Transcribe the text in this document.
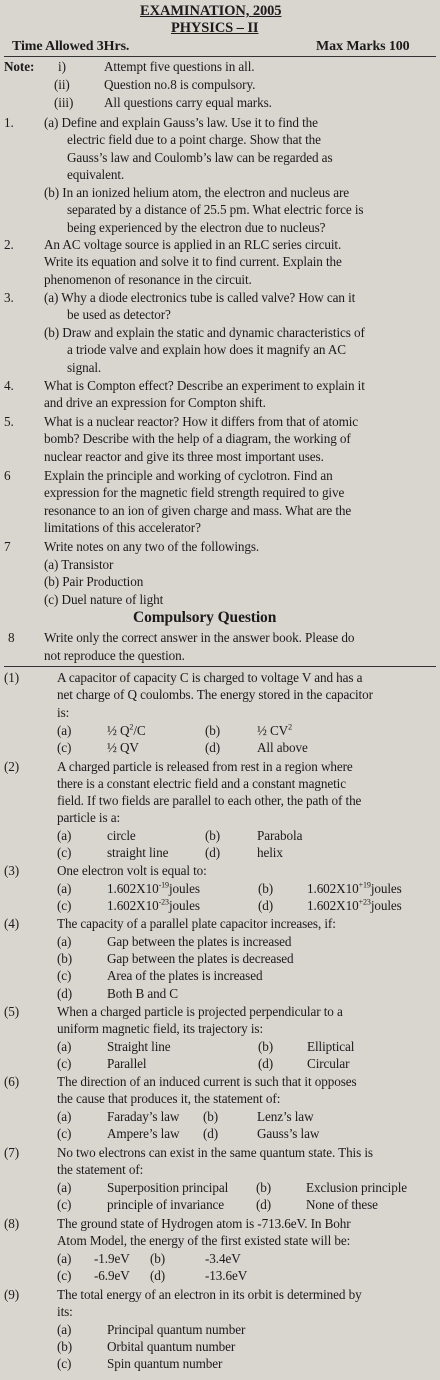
EXAMINATION, 2005
PHYSICS – II
Time Allowed 3Hrs.	Max Marks 100
Note: i)	Attempt five questions in all.
(ii)	Question no.8 is compulsory.
(iii) All questions carry equal marks.
1. (a) Define and explain Gauss’s law. Use it to find the
electric field due to a point charge. Show that the
Gauss’s law and Coulomb’s law can be regarded as
equivalent.
(b) In an ionized helium atom, the electron and nucleus are
separated by a distance of 25.5 pm. What electric force is
being experienced by the electron due to nucleus?
2. An AC voltage source is applied in an RLC series circuit.
Write its equation and solve it to find current. Explain the
phenomenon of resonance in the circuit.
3. (a) Why a diode electronics tube is called valve? How can it
be used as detector?
(b) Draw and explain the static and dynamic characteristics of
a triode valve and explain how does it magnify an AC
signal.
4. What is Compton effect? Describe an experiment to explain it
and drive an expression for Compton shift.
5. What is a nuclear reactor? How it differs from that of atomic
bomb? Describe with the help of a diagram, the working of
nuclear reactor and give its three most important uses.
6	Explain the principle and working of cyclotron. Find an
expression for the magnetic field strength required to give
resonance to an ion of given charge and mass. What are the
limitations of this accelerator?
7	Write notes on any two of the followings.
(a) Transistor
(b) Pair Production
(c) Duel nature of light
Compulsory Question
8 Write only the correct answer in the answer book. Please do
not reproduce the question.
(1)	A capacitor of capacity C is charged to voltage V and has a
net charge of Q coulombs. The energy stored in the capacitor
is:
(a)	½ $Q^2/C$	(b)	½ $CV^2$
(c)	½ QV	(d)	All above
(2)	A charged particle is released from rest in a region where
there is a constant electric field and a constant magnetic
field. If two fields are parallel to each other, the path of the
particle is a:
(a)	circle	(b)	Parabola
(c)	straight line	(d)	helix
(3)	One electron volt is equal to:
(a)	$1.602X10^{-19}joules$	(b)	$1.602X10^{+19}joules$
(c)	$1.602X10^{-23}joules$	(d)	$1.602X10^{+23}joules$
(4)	The capacity of a parallel plate capacitor increases, if:
(a)	Gap between the plates is increased
(b)	Gap between the plates is decreased
(c)	Area of the plates is increased
(d)	Both B and C
(5)	When a charged particle is projected perpendicular to a
uniform magnetic field, its trajectory is:
(a)	Straight line	(b)	Elliptical
(c)	Parallel	(d)	Circular
(6)	The direction of an induced current is such that it opposes
the cause that produces it, the statement of:
(a)	Faraday’s law (b)	Lenz’s law
(c)	Ampere’s law (d)	Gauss’s law
(7)	No two electrons can exist in the same quantum state. This is
the statement of:
(a)	Superposition principal (b)	Exclusion principle
(c)	principle of invariance (d)	None of these
(8)	The ground state of Hydrogen atom is -713.6eV. In Bohr
Atom Model, the energy of the first existed state will be:
(a) -1.9eV (b)	-3.4eV
(c) -6.9eV (d)	-13.6eV
(9)	The total energy of an electron in its orbit is determined by
its:
(a)	Principal quantum number
(b)	Orbital quantum number
(c)	Spin quantum number
